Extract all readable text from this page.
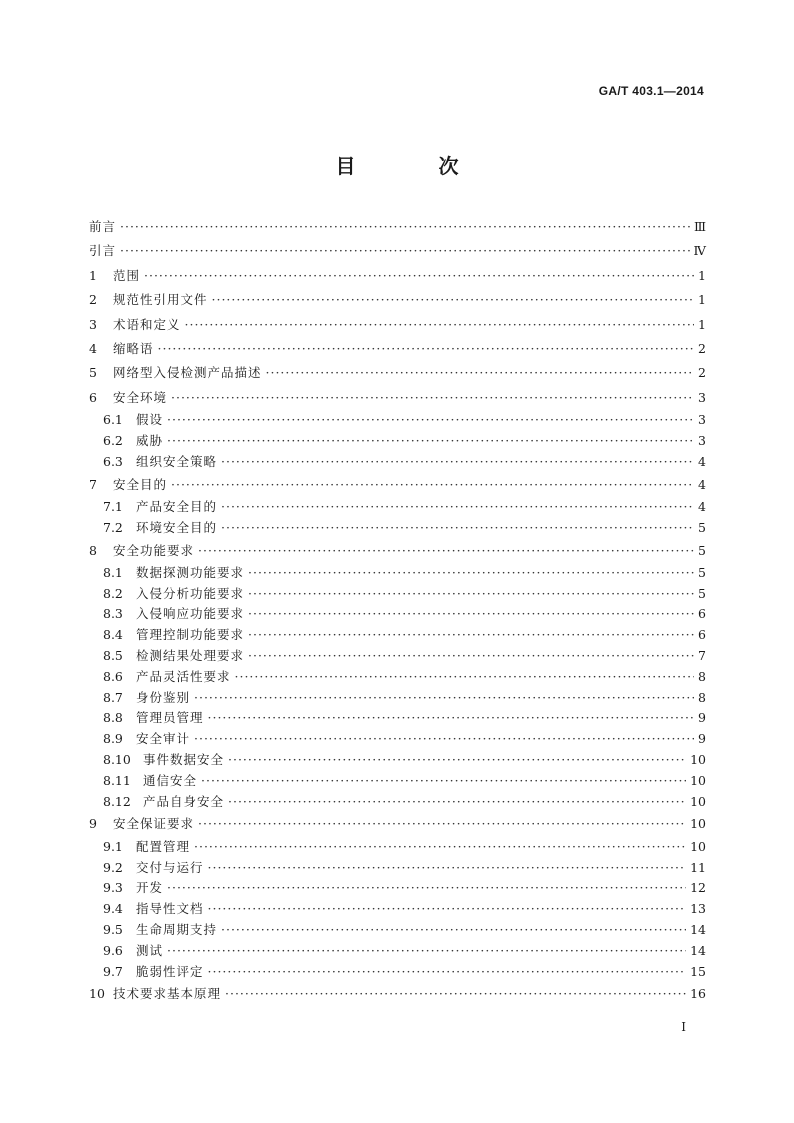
GA/T 403.1—2014
目 次
前言 ·····	Ⅲ
引言 ·····	Ⅳ
1	范围 ·····	1
2	规范性引用文件 ·····	1
3	术语和定义 ·····	1
4	缩略语 ·····	2
5	网络型入侵检测产品描述 ·····	2
6	安全环境 ·····	3
6.1	假设 ·····	3
6.2	威胁 ·····	3
6.3	组织安全策略 ·····	4
7	安全目的 ·····	4
7.1	产品安全目的 ·····	4
7.2	环境安全目的 ·····	5
8	安全功能要求 ·····	5
8.1	数据探测功能要求 ·····	5
8.2	入侵分析功能要求 ·····	5
8.3	入侵响应功能要求 ·····	6
8.4	管理控制功能要求 ·····	6
8.5	检测结果处理要求 ·····	7
8.6	产品灵活性要求 ·····	8
8.7	身份鉴别 ·····	8
8.8	管理员管理 ·····	9
8.9	安全审计 ·····	9
8.10 事件数据安全 ·····	10
8.11 通信安全 ·····	10
8.12 产品自身安全 ·····	10
9	安全保证要求 ·····	10
9.1	配置管理 ·····	10
9.2	交付与运行 ·····	11
9.3	开发 ·····	12
9.4	指导性文档 ·····	13
9.5	生命周期支持 ·····	14
9.6	测试 ·····	14
9.7	脆弱性评定 ·····	15
10 技术要求基本原理 ·····	16
I
